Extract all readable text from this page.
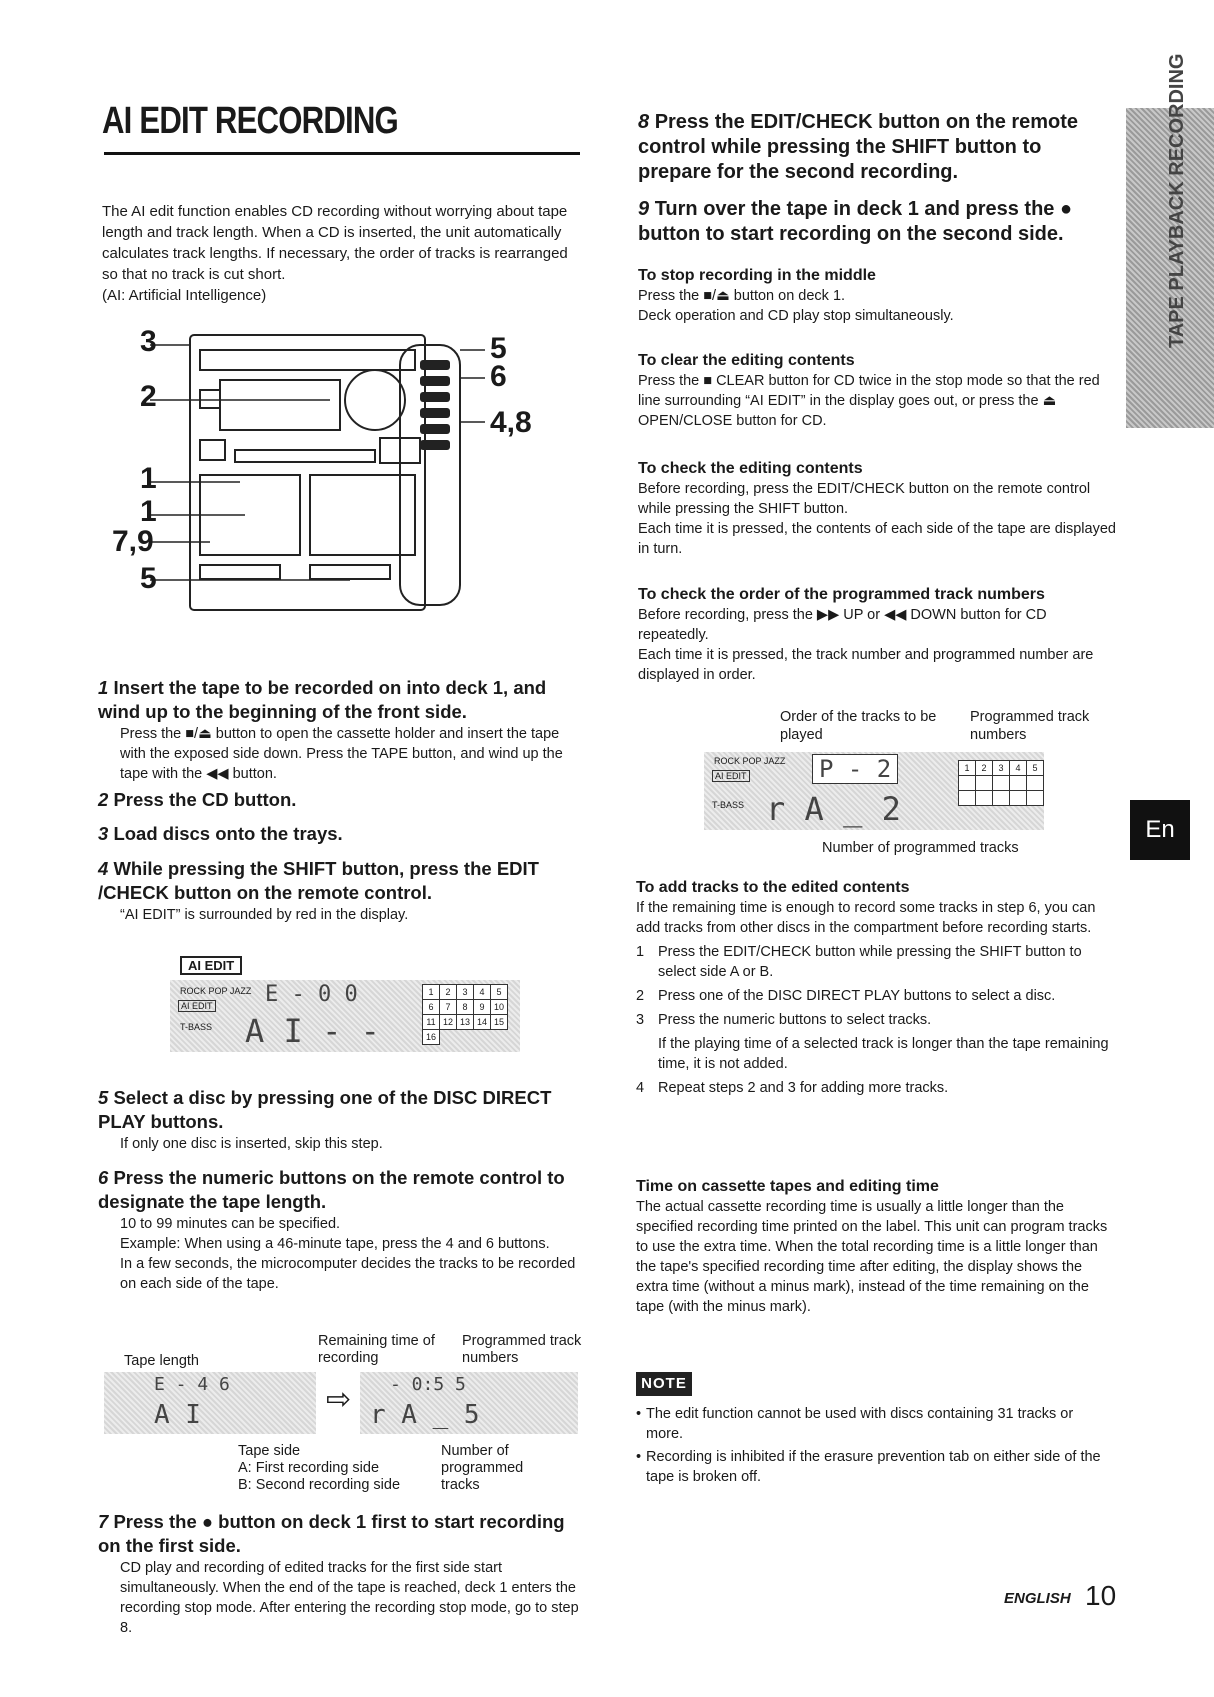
AI EDIT RECORDING
The AI edit function enables CD recording without worrying about tape length and track length. When a CD is inserted, the unit automatically calculates track lengths. If necessary, the order of tracks is rearranged so that no track is cut short.
(AI: Artificial Intelligence)
3
2
1
1
7,9
5
5
6
4,8
1 Insert the tape to be recorded on into deck 1, and wind up to the beginning of the front side.
Press the ■/⏏ button to open the cassette holder and insert the tape with the exposed side down. Press the TAPE button, and wind up the tape with the ◀◀ button.
2 Press the CD button.
3 Load discs onto the trays.
4 While pressing the SHIFT button, press the EDIT /CHECK button on the remote control.
“AI EDIT” is surrounded by red in the display.
AI EDIT
ROCK POP JAZZ
AI EDIT
T-BASS
E - 0 0
A I - -
1	2	3	4	5
6	7	8	9	10
11	12	13	14	15
16				
5 Select a disc by pressing one of the DISC DIRECT PLAY buttons.
If only one disc is inserted, skip this step.
6 Press the numeric buttons on the remote control to designate the tape length.
10 to 99 minutes can be specified.
Example: When using a 46-minute tape, press the 4 and 6 buttons.
In a few seconds, the microcomputer decides the tracks to be recorded on each side of the tape.
Tape length
Remaining time of recording
Programmed track numbers
E - 4 6
A I	⇨ - 0:5 5
r A _ 5
Tape side
A: First recording side
B: Second recording side
Number of programmed tracks
7 Press the ● button on deck 1 first to start recording on the first side.
CD play and recording of edited tracks for the first side start simultaneously. When the end of the tape is reached, deck 1 enters the recording stop mode. After entering the recording stop mode, go to step 8.
8 Press the EDIT/CHECK button on the remote control while pressing the SHIFT button to prepare for the second recording.
9 Turn over the tape in deck 1 and press the ● button to start recording on the second side.
To stop recording in the middle
Press the ■/⏏ button on deck 1.
Deck operation and CD play stop simultaneously.
To clear the editing contents
Press the ■ CLEAR button for CD twice in the stop mode so that the red line surrounding “AI EDIT” in the display goes out, or press the ⏏ OPEN/CLOSE button for CD.
To check the editing contents
Before recording, press the EDIT/CHECK button on the remote control while pressing the SHIFT button.
Each time it is pressed, the contents of each side of the tape are displayed in turn.
To check the order of the programmed track numbers
Before recording, press the ▶▶ UP or ◀◀ DOWN button for CD repeatedly.
Each time it is pressed, the track number and programmed number are displayed in order.
Order of the tracks to be played
Programmed track numbers
ROCK POP JAZZ
AI EDIT
T-BASS
P - 2
r A _ 2
1	2	3	4	5

Number of programmed tracks
To add tracks to the edited contents
If the remaining time is enough to record some tracks in step 6, you can add tracks from other discs in the compartment before recording starts.
1 Press the EDIT/CHECK button while pressing the SHIFT button to select side A or B.
2 Press one of the DISC DIRECT PLAY buttons to select a disc.
3 Press the numeric buttons to select tracks.
If the playing time of a selected track is longer than the tape remaining time, it is not added.
4 Repeat steps 2 and 3 for adding more tracks.
Time on cassette tapes and editing time
The actual cassette recording time is usually a little longer than the specified recording time printed on the label. This unit can program tracks to use the extra time. When the total recording time is a little longer than the tape's specified recording time after editing, the display shows the extra time (without a minus mark), instead of the time remaining on the tape (with the minus mark).
NOTE
• The edit function cannot be used with discs containing 31 tracks or more.
• Recording is inhibited if the erasure prevention tab on either side of the tape is broken off.
TAPE PLAYBACK RECORDING
En
ENGLISH 10
